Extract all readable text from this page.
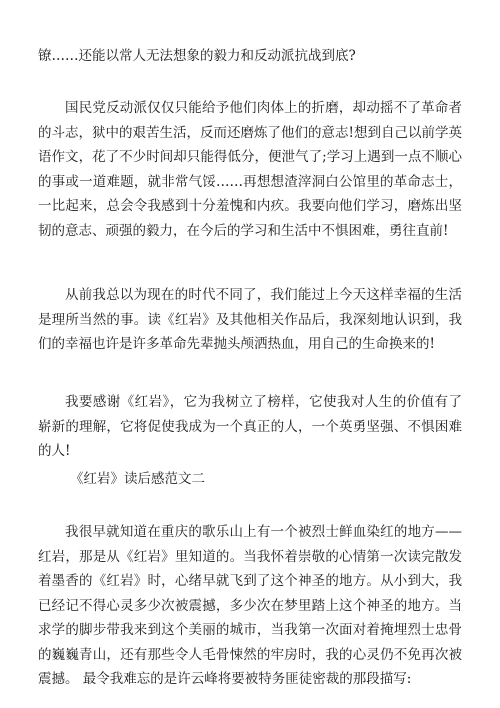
镣……还能以常人无法想象的毅力和反动派抗战到底?

国民党反动派仅仅只能给予他们肉体上的折磨，却动摇不了革命者的斗志，狱中的艰苦生活，反而还磨炼了他们的意志!想到自己以前学英语作文，花了不少时间却只能得低分，便泄气了;学习上遇到一点不顺心的事或一道难题，就非常气馁……再想想渣滓洞白公馆里的革命志士，一比起来，总会令我感到十分羞愧和内疚。我要向他们学习，磨炼出坚韧的意志、顽强的毅力，在今后的学习和生活中不惧困难，勇往直前!

从前我总以为现在的时代不同了，我们能过上今天这样幸福的生活是理所当然的事。读《红岩》及其他相关作品后，我深刻地认识到，我们的幸福也许是许多革命先辈抛头颅洒热血，用自己的生命换来的!

我要感谢《红岩》，它为我树立了榜样，它使我对人生的价值有了崭新的理解，它将促使我成为一个真正的人，一个英勇坚强、不惧困难的人!

《红岩》读后感范文二

我很早就知道在重庆的歌乐山上有一个被烈士鲜血染红的地方——红岩，那是从《红岩》里知道的。当我怀着崇敬的心情第一次读完散发着墨香的《红岩》时，心绪早就飞到了这个神圣的地方。从小到大，我已经记不得心灵多少次被震撼，多少次在梦里踏上这个神圣的地方。当求学的脚步带我来到这个美丽的城市，当我第一次面对着掩埋烈士忠骨的巍巍青山，还有那些令人毛骨悚然的牢房时，我的心灵仍不免再次被震撼。 最令我难忘的是许云峰将要被特务匪徒密裁的那段描写:
